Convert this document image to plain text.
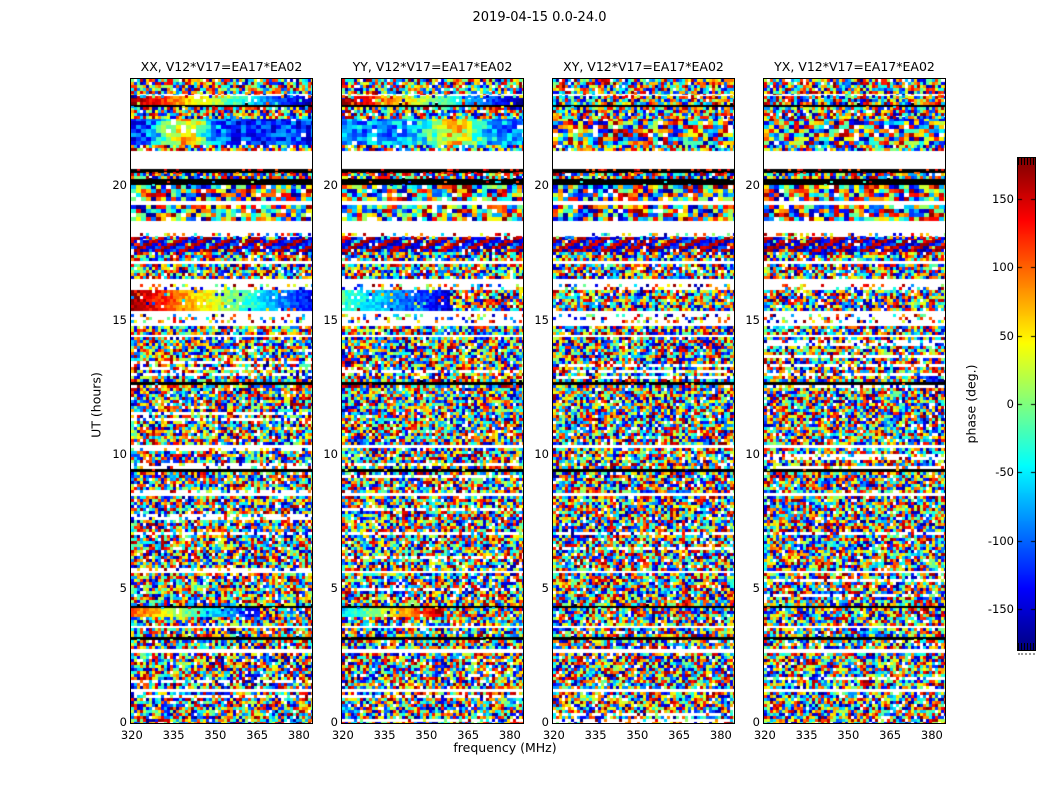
2019-04-15 0.0-24.0
XX, V12*V17=EA17*EA02	YY, V12*V17=EA17*EA02	XY, V12*V17=EA17*EA02	YX, V12*V17=EA17*EA02
UT (hours)
frequency (MHz)
phase (deg.)
0
5
10
15
20
320	335	350	365	380
0
5
10
15
20
320	335	350	365	380
0
5
10
15
20
320	335	350	365	380
0
5
10
15
20
320	335	350	365	380
150
100
50
0
-50
-100
-150
